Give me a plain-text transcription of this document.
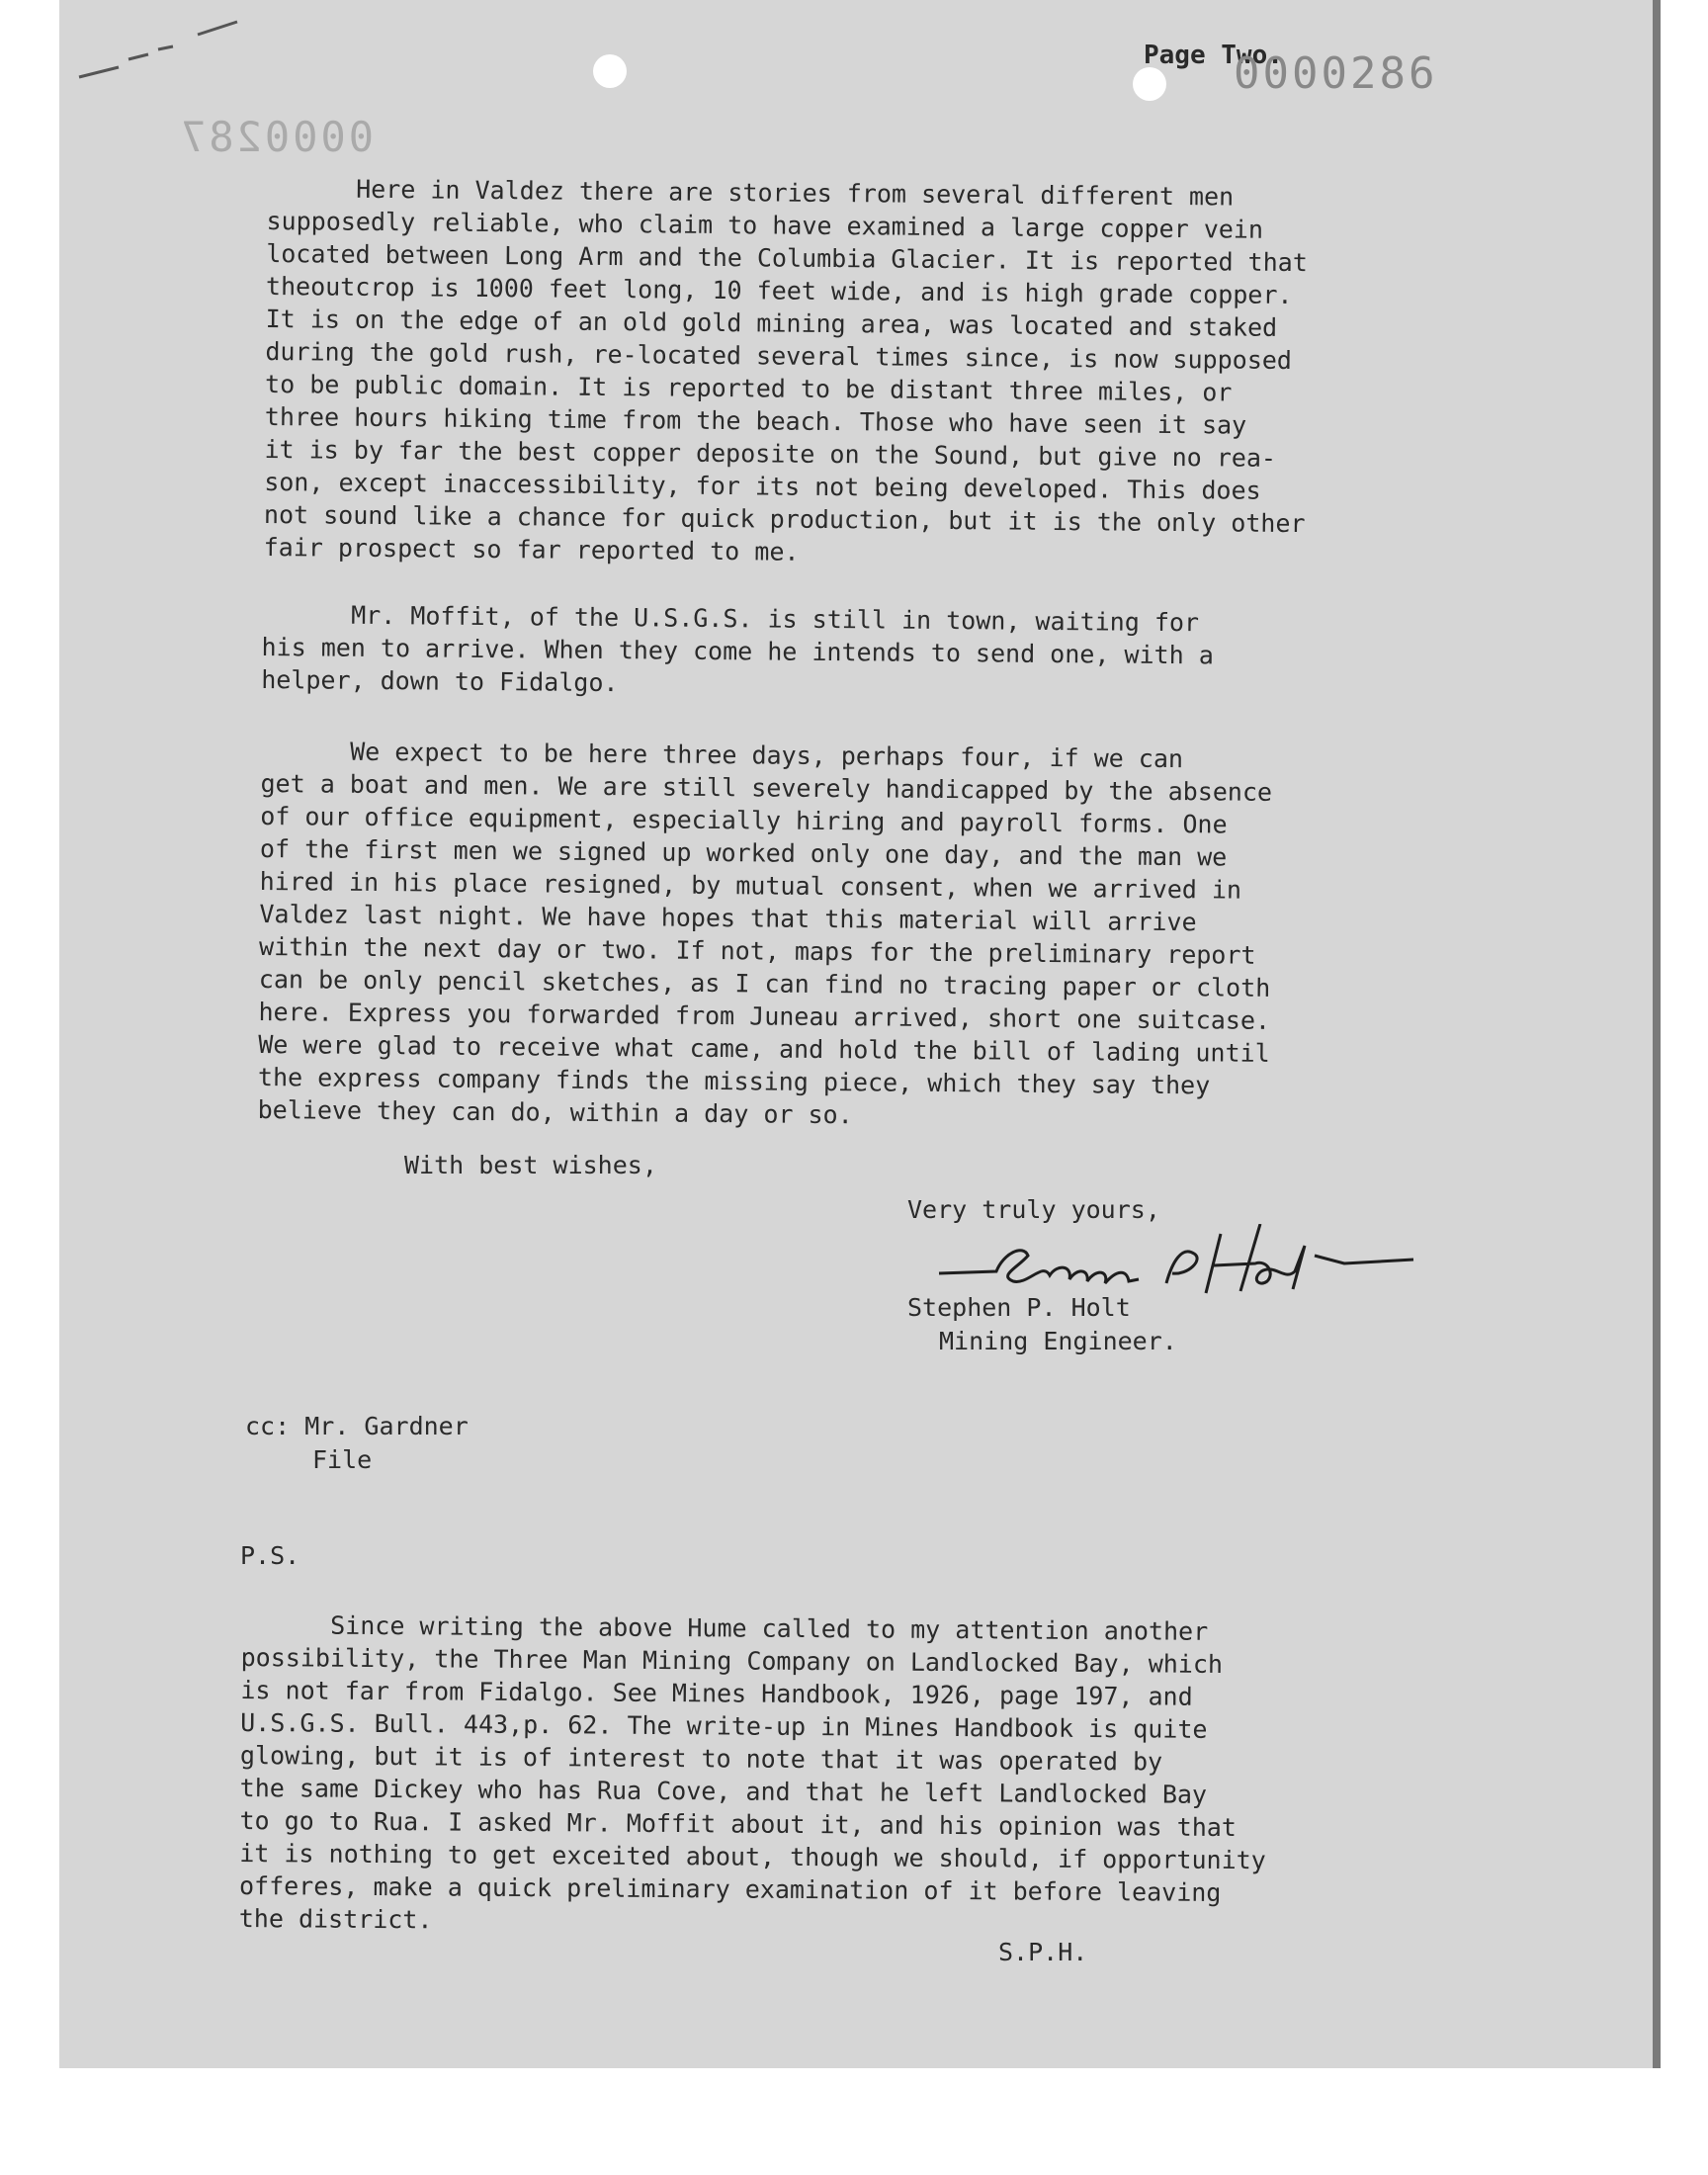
Page Two.
0000286
0000287
Here in Valdez there are stories from several different men
supposedly reliable, who claim to have examined a large copper vein
located between Long Arm and the Columbia Glacier. It is reported that
theoutcrop is 1000 feet long, 10 feet wide, and is high grade copper.
It is on the edge of an old gold mining area, was located and staked
during the gold rush, re-located several times since, is now supposed
to be public domain. It is reported to be distant three miles, or
three hours hiking time from the beach. Those who have seen it say
it is by far the best copper deposite on the Sound, but give no rea-
son, except inaccessibility, for its not being developed. This does
not sound like a chance for quick production, but it is the only other
fair prospect so far reported to me.
Mr. Moffit, of the U.S.G.S. is still in town, waiting for
his men to arrive. When they come he intends to send one, with a
helper, down to Fidalgo.
We expect to be here three days, perhaps four, if we can
get a boat and men. We are still severely handicapped by the absence
of our office equipment, especially hiring and payroll forms. One
of the first men we signed up worked only one day, and the man we
hired in his place resigned, by mutual consent, when we arrived in
Valdez last night. We have hopes that this material will arrive
within the next day or two. If not, maps for the preliminary report
can be only pencil sketches, as I can find no tracing paper or cloth
here. Express you forwarded from Juneau arrived, short one suitcase.
We were glad to receive what came, and hold the bill of lading until
the express company finds the missing piece, which they say they
believe they can do, within a day or so.
With best wishes,
Very truly yours,
Stephen P. Holt
Mining Engineer.
cc: Mr. Gardner
File
P.S.
Since writing the above Hume called to my attention another
possibility, the Three Man Mining Company on Landlocked Bay, which
is not far from Fidalgo. See Mines Handbook, 1926, page 197, and
U.S.G.S. Bull. 443,p. 62. The write-up in Mines Handbook is quite
glowing, but it is of interest to note that it was operated by
the same Dickey who has Rua Cove, and that he left Landlocked Bay
to go to Rua. I asked Mr. Moffit about it, and his opinion was that
it is nothing to get exceited about, though we should, if opportunity
offeres, make a quick preliminary examination of it before leaving
the district.
S.P.H.
